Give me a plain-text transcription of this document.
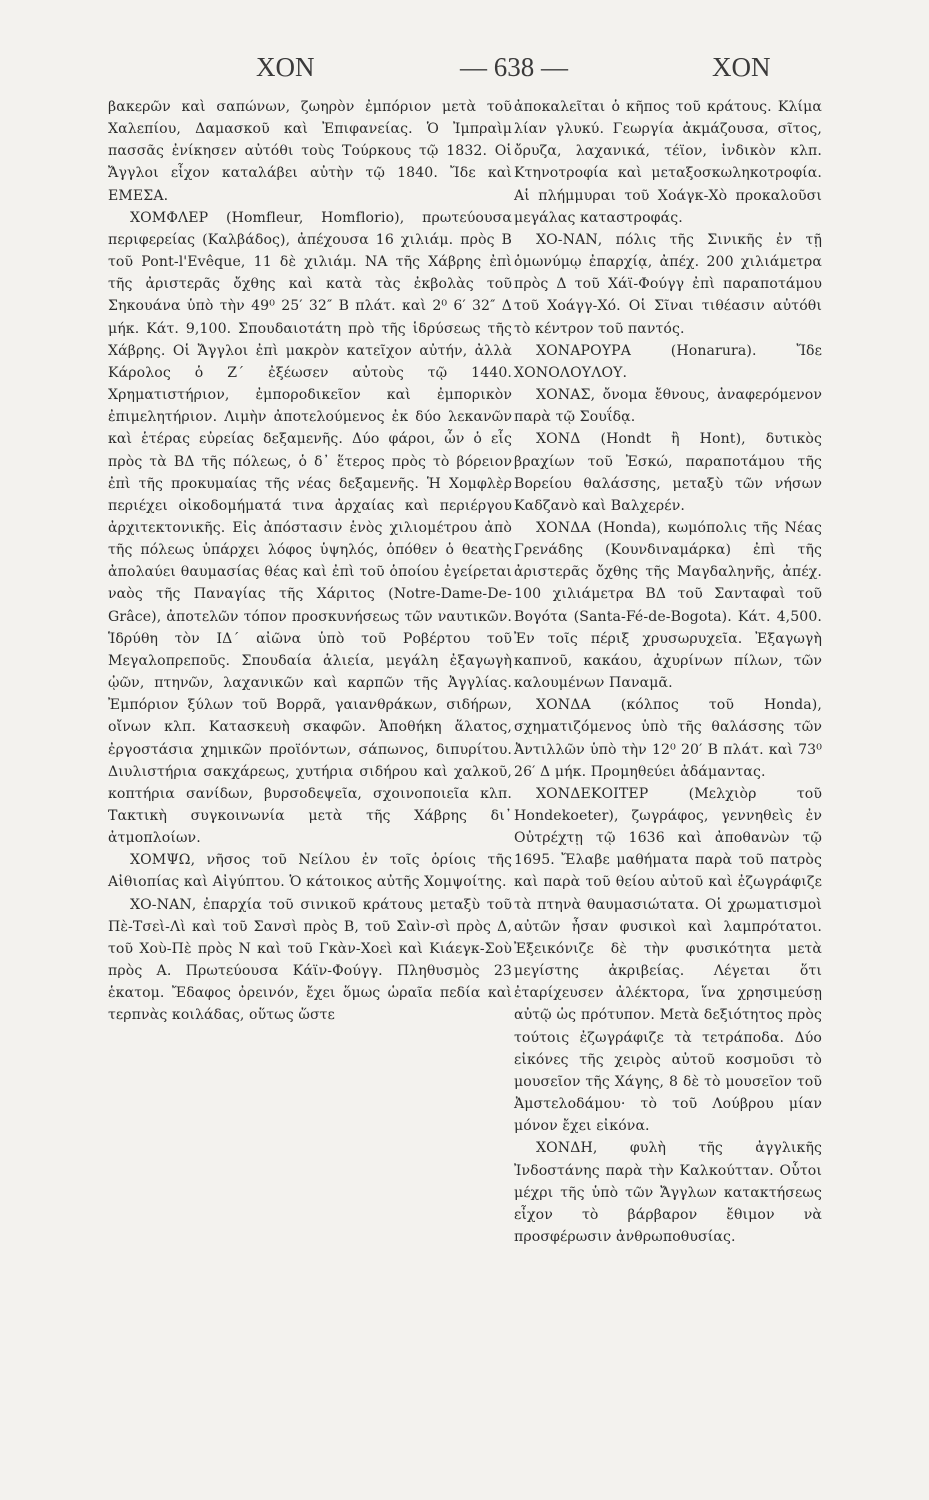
ΧΟΝ	— 638 —	ΧΟΝ

βακερῶν καὶ σαπώνων, ζωηρὸν ἐμπόριον μετὰ τοῦ Χαλεπίου, Δαμασκοῦ καὶ Ἐπιφανείας. Ὁ Ἰμπραὶμ πασσᾶς ἐνίκησεν αὐτόθι τοὺς Τούρκους τῷ 1832. Οἱ Ἄγγλοι εἶχον καταλάβει αὐτὴν τῷ 1840. Ἴδε καὶ ΕΜΕΣΑ.

ΧΟΜΦΛΕΡ (Homfleur, Homflorio), πρωτεύουσα περιφερείας (Καλβάδος), ἀπέχουσα 16 χιλιάμ. πρὸς Β τοῦ Pont-l'Evêque, 11 δὲ χιλιάμ. ΝΑ τῆς Χάβρης ἐπὶ τῆς ἀριστερᾶς ὄχθης καὶ κατὰ τὰς ἐκβολὰς τοῦ Σηκουάνα ὑπὸ τὴν 49⁰ 25′ 32″ Β πλάτ. καὶ 2⁰ 6′ 32″ Δ μήκ. Κάτ. 9,100. Σπουδαιοτάτη πρὸ τῆς ἱδρύσεως τῆς Χάβρης. Οἱ Ἄγγλοι ἐπὶ μακρὸν κατεῖχον αὐτήν, ἀλλὰ Κάρολος ὁ Ζ΄ ἐξέωσεν αὐτοὺς τῷ 1440. Χρηματιστήριον, ἐμποροδικεῖον καὶ ἐμπορικὸν ἐπιμελητήριον. Λιμὴν ἀποτελούμενος ἐκ δύο λεκανῶν καὶ ἑτέρας εὐρείας δεξαμενῆς. Δύο φάροι, ὧν ὁ εἷς πρὸς τὰ ΒΔ τῆς πόλεως, ὁ δ᾿ ἕτερος πρὸς τὸ βόρειον ἐπὶ τῆς προκυμαίας τῆς νέας δεξαμενῆς. Ἡ Χομφλὲρ περιέχει οἰκοδομήματά τινα ἀρχαίας καὶ περιέργου ἀρχιτεκτονικῆς. Εἰς ἀπόστασιν ἑνὸς χιλιομέτρου ἀπὸ τῆς πόλεως ὑπάρχει λόφος ὑψηλός, ὁπόθεν ὁ θεατὴς ἀπολαύει θαυμασίας θέας καὶ ἐπὶ τοῦ ὁποίου ἐγείρεται ναὸς τῆς Παναγίας τῆς Χάριτος (Notre-Dame-De-Grâce), ἀποτελῶν τόπον προσκυνήσεως τῶν ναυτικῶν. Ἱδρύθη τὸν ΙΔ΄ αἰῶνα ὑπὸ τοῦ Ροβέρτου τοῦ Μεγαλοπρεποῦς. Σπουδαία ἁλιεία, μεγάλη ἐξαγωγὴ ᾠῶν, πτηνῶν, λαχανικῶν καὶ καρπῶν τῆς Ἀγγλίας. Ἐμπόριον ξύλων τοῦ Βορρᾶ, γαιανθράκων, σιδήρων, οἴνων κλπ. Κατασκευὴ σκαφῶν. Ἀποθήκη ἅλατος, ἐργοστάσια χημικῶν προϊόντων, σάπωνος, διπυρίτου. Διυλιστήρια σακχάρεως, χυτήρια σιδήρου καὶ χαλκοῦ, κοπτήρια σανίδων, βυρσοδεψεῖα, σχοινοποιεῖα κλπ. Τακτικὴ συγκοινωνία μετὰ τῆς Χάβρης δι᾿ ἀτμοπλοίων.

ΧΟΜΨΩ, νῆσος τοῦ Νείλου ἐν τοῖς ὁρίοις τῆς Αἰθιοπίας καὶ Αἰγύπτου. Ὁ κάτοικος αὐτῆς Χομψοίτης.

ΧΟ-ΝΑΝ, ἐπαρχία τοῦ σινικοῦ κράτους μεταξὺ τοῦ Πὲ-Τσεὶ-Λὶ καὶ τοῦ Σανσὶ πρὸς Β, τοῦ Σαὶν-σὶ πρὸς Δ, τοῦ Χοὺ-Πὲ πρὸς Ν καὶ τοῦ Γκὰν-Χοεὶ καὶ Κιάεγκ-Σοὺ πρὸς Α. Πρωτεύουσα Κάϊν-Φούγγ. Πληθυσμὸς 23 ἑκατομ. Ἔδαφος ὀρεινόν, ἔχει ὅμως ὡραῖα πεδία καὶ τερπνὰς κοιλάδας, οὕτως ὥστε

ἀποκαλεῖται ὁ κῆπος τοῦ κράτους. Κλίμα λίαν γλυκύ. Γεωργία ἀκμάζουσα, σῖτος, ὄρυζα, λαχανικά, τέϊον, ἰνδικὸν κλπ. Κτηνοτροφία καὶ μεταξοσκωληκοτροφία. Αἱ πλήμμυραι τοῦ Χοάγκ-Χὸ προκαλοῦσι μεγάλας καταστροφάς.

ΧΟ-ΝΑΝ, πόλις τῆς Σινικῆς ἐν τῇ ὁμωνύμῳ ἐπαρχίᾳ, ἀπέχ. 200 χιλιάμετρα πρὸς Δ τοῦ Χάϊ-Φούγγ ἐπὶ παραποτάμου τοῦ Χοάγγ-Χό. Οἱ Σῖναι τιθέασιν αὐτόθι τὸ κέντρον τοῦ παντός.

ΧΟΝΑΡΟΥΡΑ (Honarura). Ἴδε ΧΟΝΟΛΟΥΛΟΥ.

ΧΟΝΑΣ, ὄνομα ἔθνους, ἀναφερόμενον παρὰ τῷ Σουΐδᾳ.

ΧΟΝΔ (Hondt ἢ Hont), δυτικὸς βραχίων τοῦ Ἐσκώ, παραποτάμου τῆς Βορείου θαλάσσης, μεταξὺ τῶν νήσων Καδζανὸ καὶ Βαλχερέν.

ΧΟΝΔΑ (Honda), κωμόπολις τῆς Νέας Γρενάδης (Κουνδιναμάρκα) ἐπὶ τῆς ἀριστερᾶς ὄχθης τῆς Μαγδαληνῆς, ἀπέχ. 100 χιλιάμετρα ΒΔ τοῦ Σανταφαὶ τοῦ Βογότα (Santa-Fé-de-Bogota). Κάτ. 4,500. Ἐν τοῖς πέριξ χρυσωρυχεῖα. Ἐξαγωγὴ καπνοῦ, κακάου, ἀχυρίνων πίλων, τῶν καλουμένων Παναμᾶ.

ΧΟΝΔΑ (κόλπος τοῦ Honda), σχηματιζόμενος ὑπὸ τῆς θαλάσσης τῶν Ἀντιλλῶν ὑπὸ τὴν 12⁰ 20′ Β πλάτ. καὶ 73⁰ 26′ Δ μήκ. Προμηθεύει ἀδάμαντας.

ΧΟΝΔΕΚΟΙΤΕΡ (Μελχιὸρ τοῦ Hondekoeter), ζωγράφος, γεννηθεὶς ἐν Οὐτρέχτῃ τῷ 1636 καὶ ἀποθανὼν τῷ 1695. Ἔλαβε μαθήματα παρὰ τοῦ πατρὸς καὶ παρὰ τοῦ θείου αὐτοῦ καὶ ἐζωγράφιζε τὰ πτηνὰ θαυμασιώτατα. Οἱ χρωματισμοὶ αὐτῶν ἦσαν φυσικοὶ καὶ λαμπρότατοι. Ἐξεικόνιζε δὲ τὴν φυσικότητα μετὰ μεγίστης ἀκριβείας. Λέγεται ὅτι ἐταρίχευσεν ἀλέκτορα, ἵνα χρησιμεύσῃ αὐτῷ ὡς πρότυπον. Μετὰ δεξιότητος πρὸς τούτοις ἐζωγράφιζε τὰ τετράποδα. Δύο εἰκόνες τῆς χειρὸς αὐτοῦ κοσμοῦσι τὸ μουσεῖον τῆς Χάγης, 8 δὲ τὸ μουσεῖον τοῦ Ἀμστελοδάμου· τὸ τοῦ Λούβρου μίαν μόνον ἔχει εἰκόνα.

ΧΟΝΔΗ, φυλὴ τῆς ἀγγλικῆς Ἰνδοστάνης παρὰ τὴν Καλκούτταν. Οὗτοι μέχρι τῆς ὑπὸ τῶν Ἄγγλων κατακτήσεως εἶχον τὸ βάρβαρον ἔθιμον νὰ προσφέρωσιν ἀνθρωποθυσίας.
